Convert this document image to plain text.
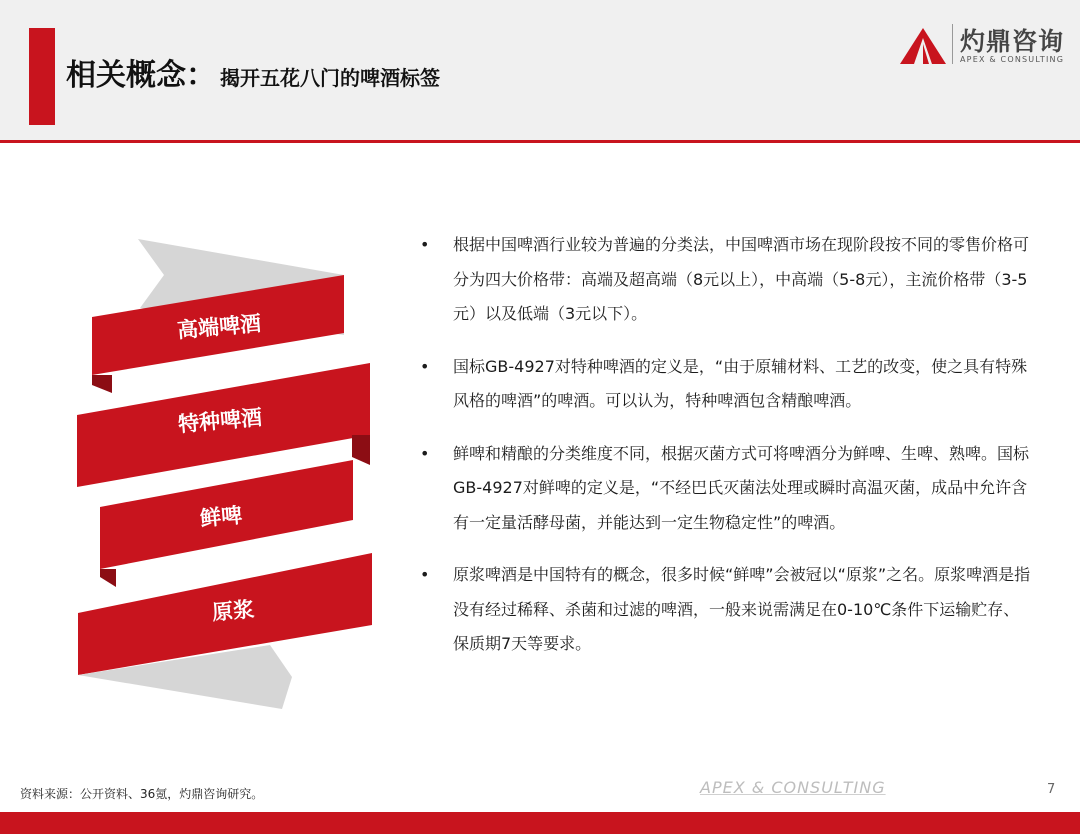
相关概念： 揭开五花八门的啤酒标签
灼鼎咨询
APEX & CONSULTING
高端啤酒
特种啤酒
鲜啤
原浆
• 根据中国啤酒行业较为普遍的分类法，中国啤酒市场在现阶段按不同的零售价格可分为四大价格带：高端及超高端（8元以上），中高端（5-8元），主流价格带（3-5元）以及低端（3元以下）。
• 国标GB-4927对特种啤酒的定义是，“由于原辅材料、工艺的改变，使之具有特殊风格的啤酒”的啤酒。可以认为，特种啤酒包含精酿啤酒。
• 鲜啤和精酿的分类维度不同，根据灭菌方式可将啤酒分为鲜啤、生啤、熟啤。国标GB-4927对鲜啤的定义是，“不经巴氏灭菌法处理或瞬时高温灭菌，成品中允许含有一定量活酵母菌，并能达到一定生物稳定性”的啤酒。
• 原浆啤酒是中国特有的概念，很多时候“鲜啤”会被冠以“原浆”之名。原浆啤酒是指没有经过稀释、杀菌和过滤的啤酒，一般来说需满足在0-10℃条件下运输贮存、保质期7天等要求。
资料来源：公开资料、36氪，灼鼎咨询研究。	APEX & CONSULTING	7
